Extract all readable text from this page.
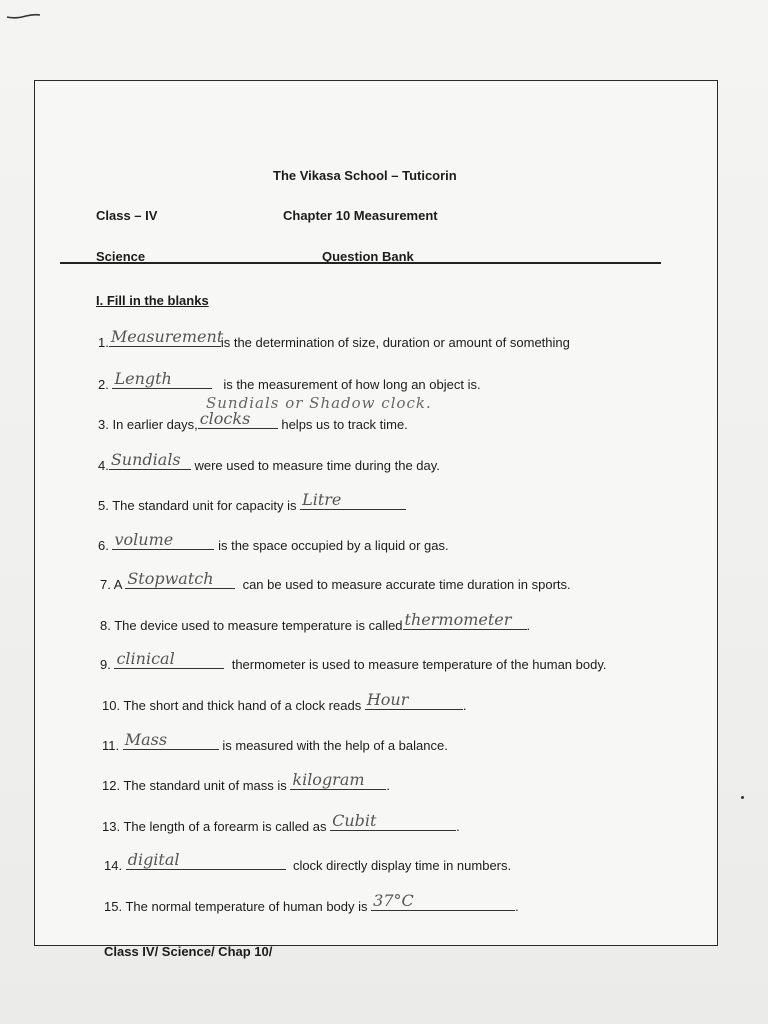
The Vikasa School – Tuticorin
Class – IV	Chapter 10 Measurement
Science	Question Bank
I. Fill in the blanks
Sundials or Shadow clock.
1. Measurement
is the determination of size, duration or amount of something
2. Length	is the measurement of how long an object is.
3. In earlier days, clocks helps us to track time.
4. Sundials were used to measure time during the day.
5. The standard unit for capacity is Litre
6. volume	is the space occupied by a liquid or gas.
7. A Stopwatch can be used to measure accurate time duration in sports.
8. The device used to measure temperature is called thermometer .
9. clinical	thermometer is used to measure temperature of the human body.
10. The short and thick hand of a clock reads Hour	.
11. Mass	is measured with the help of a balance.
12. The standard unit of mass is kilogram .
13. The length of a forearm is called as Cubit	.
14. digital	clock directly display time in numbers.
15. The normal temperature of human body is 37°C	.
Class IV/ Science/ Chap 10/
